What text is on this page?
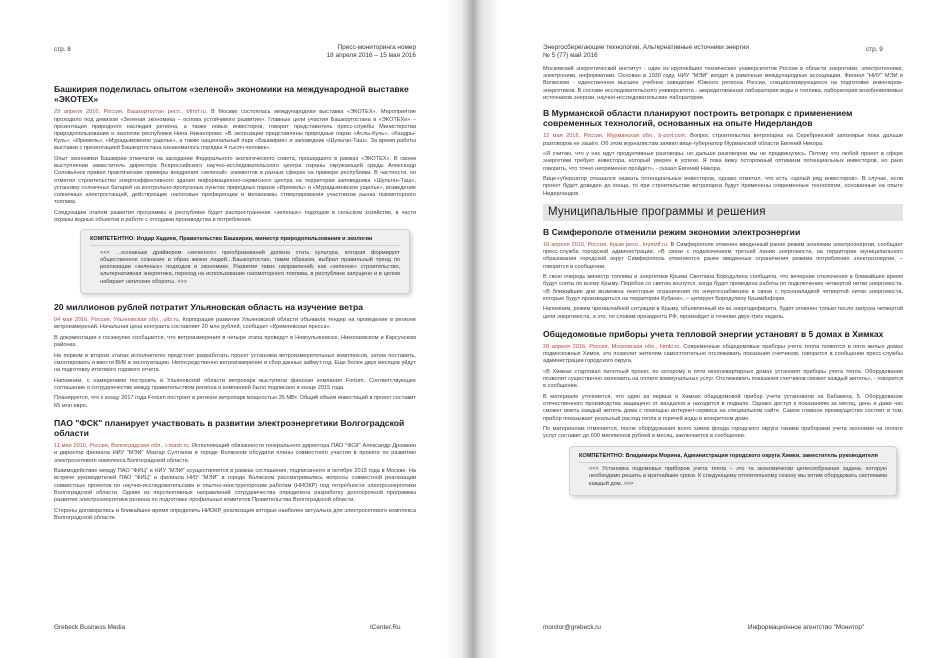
стр. 8	Пресс-мониторинга номер
18 апреля 2016 – 15 мая 2016
Башкирия поделилась опытом «зеленой» экономики на международной выставке «ЭКОТЕХ»

29 апреля 2016, Россия, Башкортостан респ., bfmrf.ru. В Москве состоялась международная выставка «ЭКОТЕХ». Мероприятие проходило под девизом «Зеленая экономика – основа устойчивого развития». Главные цели участия Башкортостана в «ЭКОТЕХе» – презентация природного наследия региона, а также новых инвесторов, говорит представитель пресс-службы Министерства природопользования и экологии республики Нина Никанорова: «В экспозиции представлены природные парки «Аслы-Куль», «Кандры-Куль», «Иремель», «Мурадымовское ущелье», а также национальный парк «Башкирия» и заповедник «Шульган-Таш». За время работы выставки с презентацией Башкортостана ознакомилось порядка 4 тысяч человек».

Опыт экономики Башкирии отмечали на заседании Федерального экологического совета, прошедшего в рамках «ЭКОТЕХ». В своем выступлении заместитель директора Всероссийского научно-исследовательского центра охраны окружающей среды Александр Соловьёнок привел практические примеры внедрения «зеленой» элементов в разных сферах на примере республики. В частности, он отметил строительство энергоэффективного здания информационно-сервисного центра на территории заповедника «Шульган-Таш», установку солнечных батарей на контрольно-пропускных пунктах природных парков «Иремель» и «Мурадымовское ущелье», возведение солнечных электростанций, действующие налоговые преференции и механизмы стимулирования участников рынка газомоторного топлива.

Следующим этапом развития программы в республике будет распространение «зеленых» подходов в сельском хозяйстве, в части охраны водных объектов и работе с отходами производства и потребления.

КОМПЕТЕНТНО: Илдар Хадиев, Правительство Башкирии, министр природопользования и экологии

<<< …основным драйвером «зеленого» преобразований должна стать культура, которая формирует общественное сознание и образ жизни людей…Башкортостан, таким образом, выбрал правильный тренд по реализации «зеленых» подходов в экономике. Развитие таких направлений, как «зеленое» строительство, альтернативная энергетика, переход на использование газомоторного топлива, в республике запущено и в целом набирает неплохие обороты. >>>

20 миллионов рублей потратит Ульяновская область на изучение ветра

04 мая 2016, Россия, Ульяновская обл., ulIz.ru. Корпорация развития Ульяновской области объявила тендер на проведение в регионе ветроизмерений. Начальная цена контракта составляет 20 млн рублей, сообщает «Кремлевская пресса».

В документации к госзакупке сообщается, что ветроизмерения в четыре этапа проведут в Новоульяновске, Николаевском и Карсунском районах.

На первом и втором этапах исполнителю предстоит разработать проект установки ветроизмерительных комплексов, затем поставить, смонтировать и ввести ВИК в эксплуатацию. Непосредственно ветроизмерение и сбор данных займут год. Еще более двух месяцев уйдут на подготовку итогового годового отчета.

Напомним, с намерением построить в Ульяновской области ветропарк выступила финская компания Fortum. Соответствующее соглашение о сотрудничестве между правительством региона и компанией было подписано в конце 2015 года.

Планируется, что к концу 2017 года Fortum построит в регионе ветропарк мощностью 35 МВт. Общий объем инвестиций в проект составит 65 млн евро.

ПАО "ФСК" планирует участвовать в развитии электроэнергетики Волгоградской области

11 мая 2016, Россия, Волгоградская обл., i-mash.ru. Исполняющий обязанности генерального директора ПАО "ФСК" Александр Дрожжин и директор филиала НИУ "МЭИ" Мазгар Султанов в городе Волжском обсудили планы совместного участия в проекте по развитию электросетевого комплекса Волгоградской области.

Взаимодействие между ПАО "ФИЦ" и НИУ "МЭИ" осуществляется в рамках соглашения, подписанного в октябре 2015 года в Москве. На встрече руководителей ПАО "ФИЦ" и филиала НИУ "МЭИ" в городе Волжском рассматривались вопросы совместной реализации совместных проектов по научно-исследовательским и опытно-конструкторским работам (НИОКР) под потребности электроэнергетики Волгоградской области. Одним из перспективных направлений сотрудничества определена разработку долгосрочной программы развития электроэнергетики региона по подготовке профильных комитетов Правительства Волгоградской области.

Стороны договорились в ближайшее время определить НИОКР, реализация которых наиболее актуальна для электросетевого комплекса Волгоградской области.

Grebeck Business Media	ICenter.Ru
Энергосберегающие технологии. Альтернативные источники энергии
№ 5 (77) май 2016
стр. 9

Московский энергетический институт - один из крупнейших технических университетов России в области энергетики, электротехники, электроники, информатики. Основан в 1930 году. НИУ "МЭИ" входит в рамочные международные ассоциации. Филиал "НИУ" МЭИ в Волжском - единственное высшее учебное заведение Южного региона России, специализирующееся на подготовке инженеров-энергетиков. В составе исследовательского университета - аккредитованная лаборатория воды и топлива, лаборатория возобновляемых источников энергии, научно-исследовательские лаборатории.

В Мурманской области планируют построить ветропарк с применением современных технологий, основанных на опыте Нидерландов

12 мая 2016, Россия, Мурманская обл., b-port.com. Вопрос строительства ветропарка на Серебрянской заполярье пока дальше разговоров не зашёл. Об этом журналистам заявил вице-губернатор Мурманской области Евгений Никора.

«Я считаю, что у нас идут продуктивные разговоры, но дальше разговоров мы не продвинулись. Потому что любой проект в сфере энергетики требует инвестора, который уверен в успехе. Я пока вижу осторожный оптимизм потенциальных инвесторов, но рано говорить, что точно непременно пройдёт», - сказал Евгений Никора.

Вице-губернатор отказался назвать потенциальных инвесторов, однако отметил, что есть «целый ряд инвесторов». В случае, если проект будет доведен до конца, то при строительстве ветропарка будут применены современные технологии, основанные на опыте Нидерландов.

Муниципальные программы и решения
В Симферополе отменили режим экономии электроэнергии

16 апреля 2016, Россия, Крым респ., krymzif.ru. В Симферополе отменен введенный ранее режим экономии электроэнергии, сообщает пресс-служба городской администрации. «В связи с подключением третьей линии энергомоста, на территории муниципального образования городской округ Симферополь отменяются ранее введенные ограничения режима потребления электроэнергии, – говорится в сообщении.

В свою очередь министр топлива и энергетики Крыма Светлана Бородулина сообщила, что вечерние отключения в ближайшее время будут сняты по всему Крыму. Перебои со светом коснутся, когда будет проведена работы по подключению четвертой нитки энергомоста. «В ближайшие дни возможна некоторые ограничения по энергоснабжению в связи с пусконаладкой четвертой нитки энергомоста, которые будут производиться на территории Кубани», – цитирует Бородулину КрымИнформ.

Напомним, режим чрезвычайной ситуации в Крыму, объявленный из-за энергодефицита, будет отменен только после запуска четвертой цепи энергомоста, а это, по словам президента РФ, произойдет в течение двух-трёх недель.

Общедомовые приборы учета тепловой энергии установят в 5 домах в Химках

20 апреля 2016, Россия, Московская обл., himki.ru. Современные общедомовые приборы учета тепла появятся в пяти жилых домах подмосковных Химок, это позволит жителям самостоятельно отслеживать показания счетчиков, говорится в сообщении пресс-службы администрации городского округа.

«В Химках стартовал пилотный проект, по которому в пяти многоквартирных домах установят приборы учета тепла. Оборудование позволит существенно экономить на оплате коммунальных услуг. Отслеживать показания счетчиков сможет каждый житель», - говорится в сообщении.

В материале уточняется, что один из первых в Химках общедомовой прибор учета установили на Бабакина, 5. Оборудование отечественного производства защищено от вандалов и находится в подвале. Однако доступ к показаниям за месяц, день и даже час сможет иметь каждый житель дома с помощью интернет-сервиса на специальном сайте. Самое главное преимущество состоит в том, прибор показывает реальный расход тепла в горячей воды в конкретном доме.

По материалам отмечается, после оборудования всего химок фонда городского округа такими приборами учета экономия на оплате услуг составит до 600 миллионов рублей в месяц, заключается в сообщении.

КОМПЕТЕНТНО: Владимира Морина, Администрация городского округа Химки, заместитель руководителя

<<< Установка подомовых приборов учета тепла – это та экономически целесообразная задача, которую необходимо решить в кратчайшие сроки. К следующему отопительному сезону мы хотим оборудовать системами каждый дом. >>>

monitor@grebeck.ru	Информационное агентство "Монитор"
